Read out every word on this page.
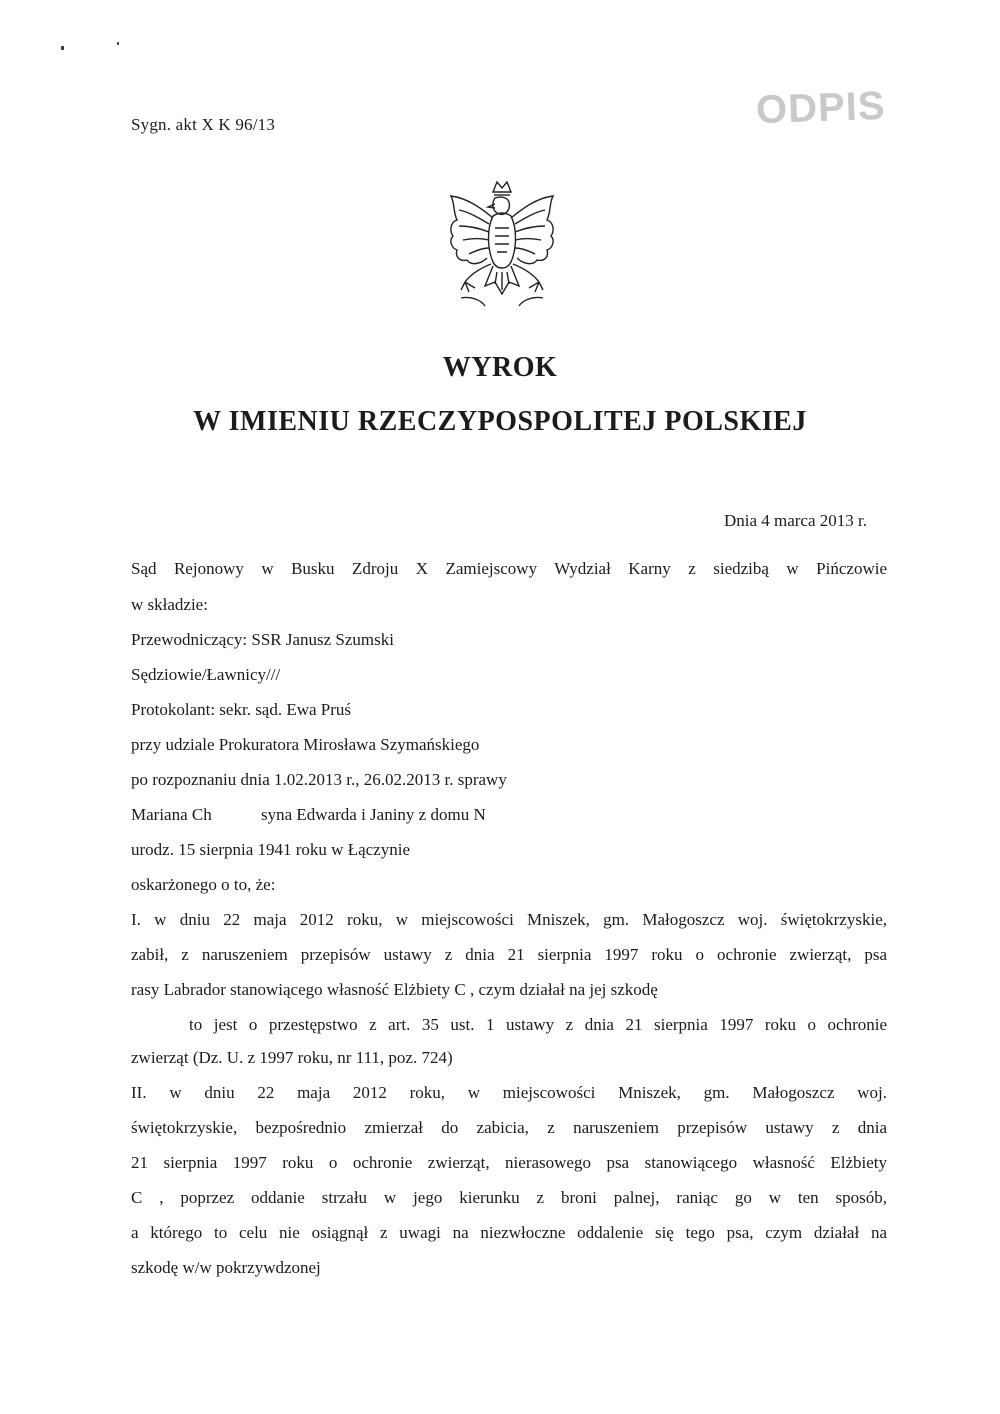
Sygn. akt X K 96/13	ODPIS
WYROK
W IMIENIU RZECZYPOSPOLITEJ POLSKIEJ
Dnia 4 marca 2013 r.
Sąd Rejonowy w Busku Zdroju X Zamiejscowy Wydział Karny z siedzibą w Pińczowie
w składzie:
Przewodniczący: SSR Janusz Szumski
Sędziowie/Ławnicy///
Protokolant: sekr. sąd. Ewa Pruś
przy udziale Prokuratora Mirosława Szymańskiego
po rozpoznaniu dnia 1.02.2013 r., 26.02.2013 r. sprawy
Mariana Ch	syna Edwarda i Janiny z domu N
urodz. 15 sierpnia 1941 roku w Łączynie
oskarżonego o to, że:
I. w dniu 22 maja 2012 roku, w miejscowości Mniszek, gm. Małogoszcz woj. świętokrzyskie,
zabił, z naruszeniem przepisów ustawy z dnia 21 sierpnia 1997 roku o ochronie zwierząt, psa
rasy Labrador stanowiącego własność Elżbiety C , czym działał na jej szkodę
to jest o przestępstwo z art. 35 ust. 1 ustawy z dnia 21 sierpnia 1997 roku o ochronie
zwierząt (Dz. U. z 1997 roku, nr 111, poz. 724)
II. w dniu 22 maja 2012 roku, w miejscowości Mniszek, gm. Małogoszcz woj.
świętokrzyskie, bezpośrednio zmierzał do zabicia, z naruszeniem przepisów ustawy z dnia
21 sierpnia 1997 roku o ochronie zwierząt, nierasowego psa stanowiącego własność Elżbiety
C , poprzez oddanie strzału w jego kierunku z broni palnej, raniąc go w ten sposób,
a którego to celu nie osiągnął z uwagi na niezwłoczne oddalenie się tego psa, czym działał na
szkodę w/w pokrzywdzonej
